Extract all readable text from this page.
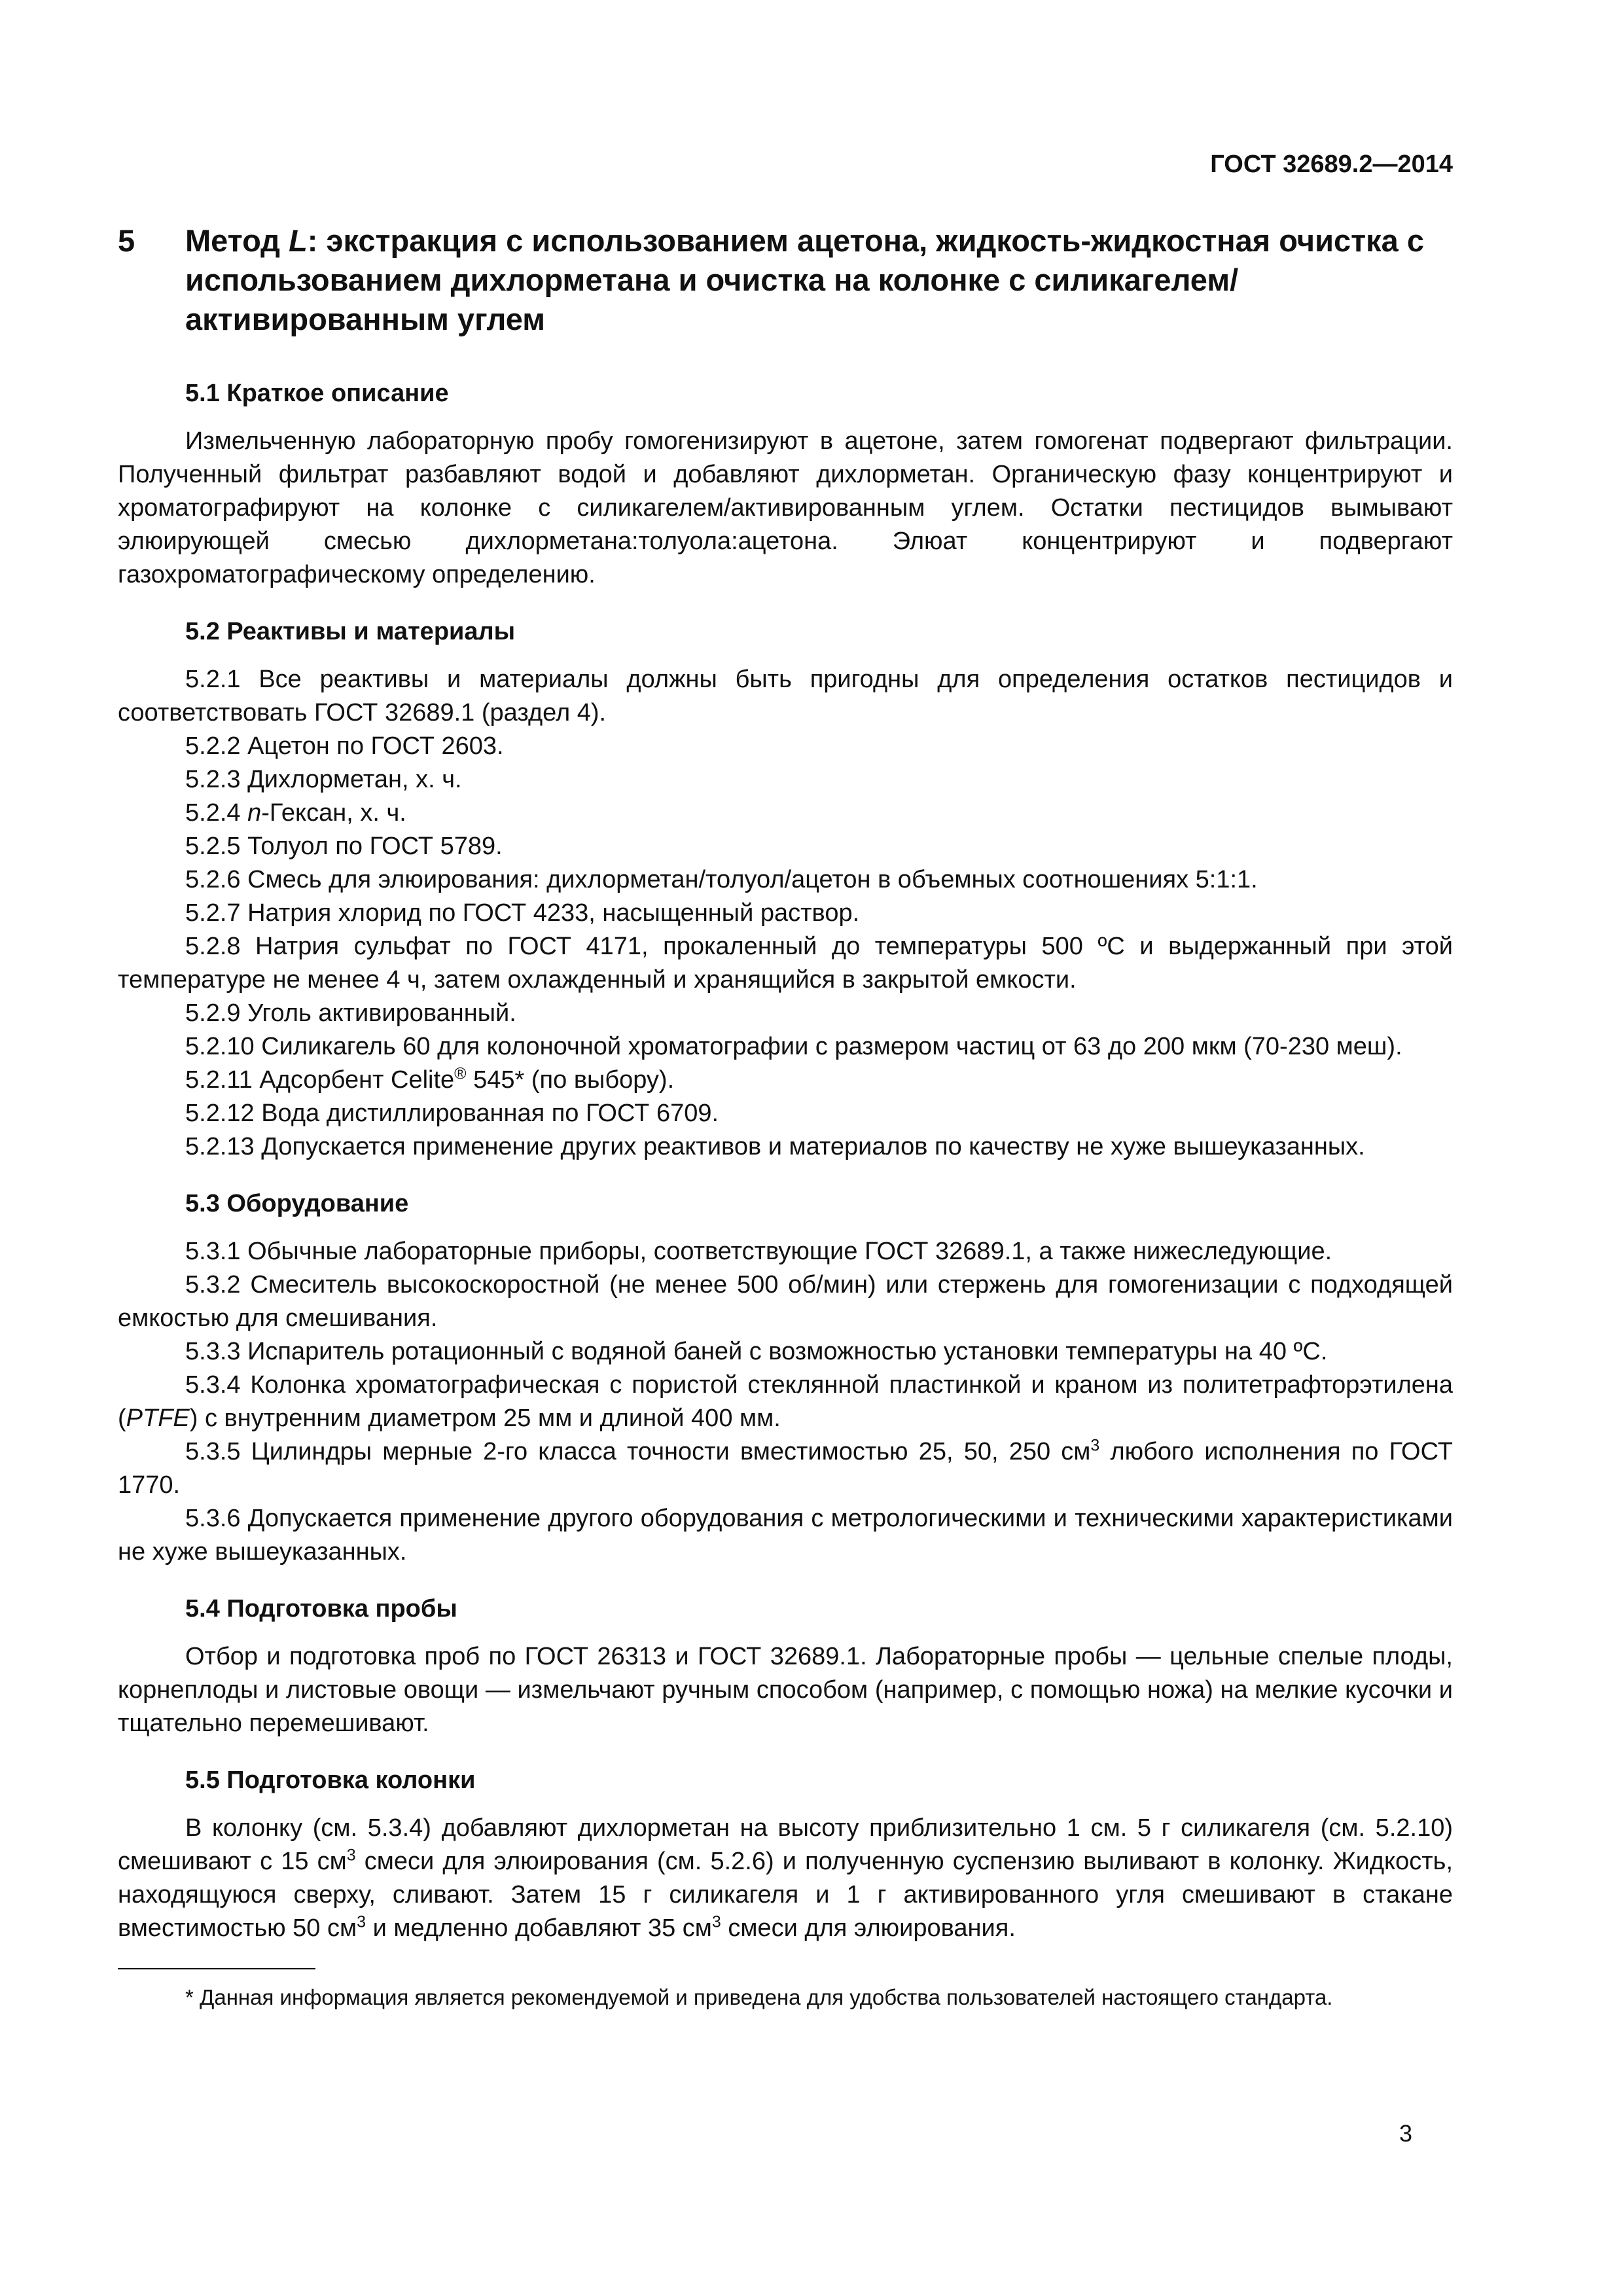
ГОСТ 32689.2—2014
5 Метод L: экстракция с использованием ацетона, жидкость-жидкостная очистка с использованием дихлорметана и очистка на колонке с силикагелем/активированным углем
5.1 Краткое описание

Измельченную лабораторную пробу гомогенизируют в ацетоне, затем гомогенат подвергают фильтрации. Полученный фильтрат разбавляют водой и добавляют дихлорметан. Органическую фазу концентрируют и хроматографируют на колонке с силикагелем/активированным углем. Остатки пестицидов вымывают элюирующей смесью дихлорметана:толуола:ацетона. Элюат концентрируют и подвергают газохроматографическому определению.

5.2 Реактивы и материалы

5.2.1 Все реактивы и материалы должны быть пригодны для определения остатков пестицидов и соответствовать ГОСТ 32689.1 (раздел 4).

5.2.2 Ацетон по ГОСТ 2603.

5.2.3 Дихлорметан, х. ч.

5.2.4 n-Гексан, х. ч.

5.2.5 Толуол по ГОСТ 5789.

5.2.6 Смесь для элюирования: дихлорметан/толуол/ацетон в объемных соотношениях 5:1:1.

5.2.7 Натрия хлорид по ГОСТ 4233, насыщенный раствор.

5.2.8 Натрия сульфат по ГОСТ 4171, прокаленный до температуры 500 ºС и выдержанный при этой температуре не менее 4 ч, затем охлажденный и хранящийся в закрытой емкости.

5.2.9 Уголь активированный.

5.2.10 Силикагель 60 для колоночной хроматографии с размером частиц от 63 до 200 мкм (70-230 меш).

5.2.11 Адсорбент Celite® 545* (по выбору).

5.2.12 Вода дистиллированная по ГОСТ 6709.

5.2.13 Допускается применение других реактивов и материалов по качеству не хуже вышеуказанных.

5.3 Оборудование

5.3.1 Обычные лабораторные приборы, соответствующие ГОСТ 32689.1, а также нижеследующие.

5.3.2 Смеситель высокоскоростной (не менее 500 об/мин) или стержень для гомогенизации с подходящей емкостью для смешивания.

5.3.3 Испаритель ротационный с водяной баней с возможностью установки температуры на 40 ºС.

5.3.4 Колонка хроматографическая с пористой стеклянной пластинкой и краном из политетрафторэтилена (PTFE) с внутренним диаметром 25 мм и длиной 400 мм.

5.3.5 Цилиндры мерные 2-го класса точности вместимостью 25, 50, 250 $см^3$ любого исполнения по ГОСТ 1770.

5.3.6 Допускается применение другого оборудования с метрологическими и техническими характеристиками не хуже вышеуказанных.

5.4 Подготовка пробы

Отбор и подготовка проб по ГОСТ 26313 и ГОСТ 32689.1. Лабораторные пробы — цельные спелые плоды, корнеплоды и листовые овощи — измельчают ручным способом (например, с помощью ножа) на мелкие кусочки и тщательно перемешивают.

5.5 Подготовка колонки

В колонку (см. 5.3.4) добавляют дихлорметан на высоту приблизительно 1 см. 5 г силикагеля (см. 5.2.10) смешивают с 15 $см^3$ смеси для элюирования (см. 5.2.6) и полученную суспензию выливают в колонку. Жидкость, находящуюся сверху, сливают. Затем 15 г силикагеля и 1 г активированного угля смешивают в стакане вместимостью 50 $см^3$ и медленно добавляют 35 $см^3$ смеси для элюирования.

* Данная информация является рекомендуемой и приведена для удобства пользователей настоящего стандарта.

3
